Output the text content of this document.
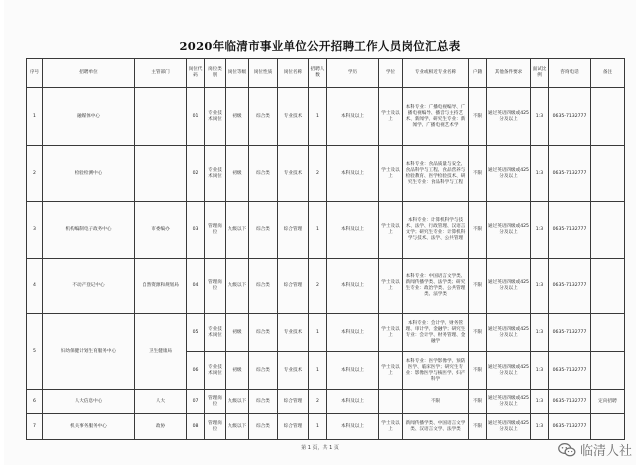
2020年临清市事业单位公开招聘工作人员岗位汇总表
序号	招聘单位	主管部门	岗位代码	岗位类别	岗位等级	岗位性质	岗位名称	招聘人数	学历	学位	专业或相近专业名称	户籍	其他条件要求	面试比例	咨询电话	备注
1	融媒体中心		01	专业技术岗位	初级	综合类	专业技术	1	本科及以上	学士及以上	本科专业：广播电视编导、广播电视编导、播音与主持艺术、新闻学、研究生专业：新闻学、广播电视艺术学	不限	通过英语四级或425分及以上	1:3	0635-7132777	
2	检验检测中心		02	专业技术岗位	初级	综合类	专业技术	2	本科及以上	学士及以上	本科专业：食品质量与安全、食品科学与工程、食品营养与检验教育、医学检验技术、研究生专业：食品科学与工程	不限	通过英语四级或425分及以上	1:3	0635-7132777	
3	机构编制电子政务中心	市委编办	03	管理岗位	九级以下	综合类	综合管理	1	本科及以上	学士及以上	本科专业：计算机科学与技术、法学、行政管理、汉语言文学；研究生专业：计算机科学与技术、法学、公共管理	不限	通过英语四级或425分及以上	1:3	0635-7132777	
4	不动产登记中心	自然资源和规划局	04	管理岗位	九级以下	综合类	综合管理	2	本科及以上	学士及以上	本科专业：中国语言文学类、新闻传播学类、法学类；研究生专业：政治学类、公共管理类、法学类	不限	通过英语四级或425分及以上	1:3	0635-7132777	
5	妇幼保健计划生育服务中心	卫生健康局	05	专业技术岗位	初级	综合类	专业技术	1	本科及以上	学士及以上	本科专业：会计学、财务管理、审计学、金融学；研究生专业：会计学、财务管理、金融学	不限	通过英语四级或425分及以上	1:3	0635-7132777	
			06	专业技术岗位	初级	综合类	专业技术	1	本科及以上	学士及以上	本科专业：医学影像学、预防医学、临床医学；研究生专业：影像医学与核医学、妇产科学	不限	通过英语四级或425分及以上	1:3	0635-7132777	
6	人大信息中心	人大	07	管理岗位	九级以下	综合类	综合管理	2	本科及以上		不限	不限	通过英语四级或425分及以上	1:3	0635-7132777	定向招聘
7	机关事务服务中心	政协	08	管理岗位	九级以下	综合类	综合管理	1	本科及以上	学士及以上	新闻传播学类、中国语言文学类、汉语言文学、法学类	不限	通过英语四级或425分及以上	1:3	0635-7132777	
第 1 页，共 1 页	临清人社
